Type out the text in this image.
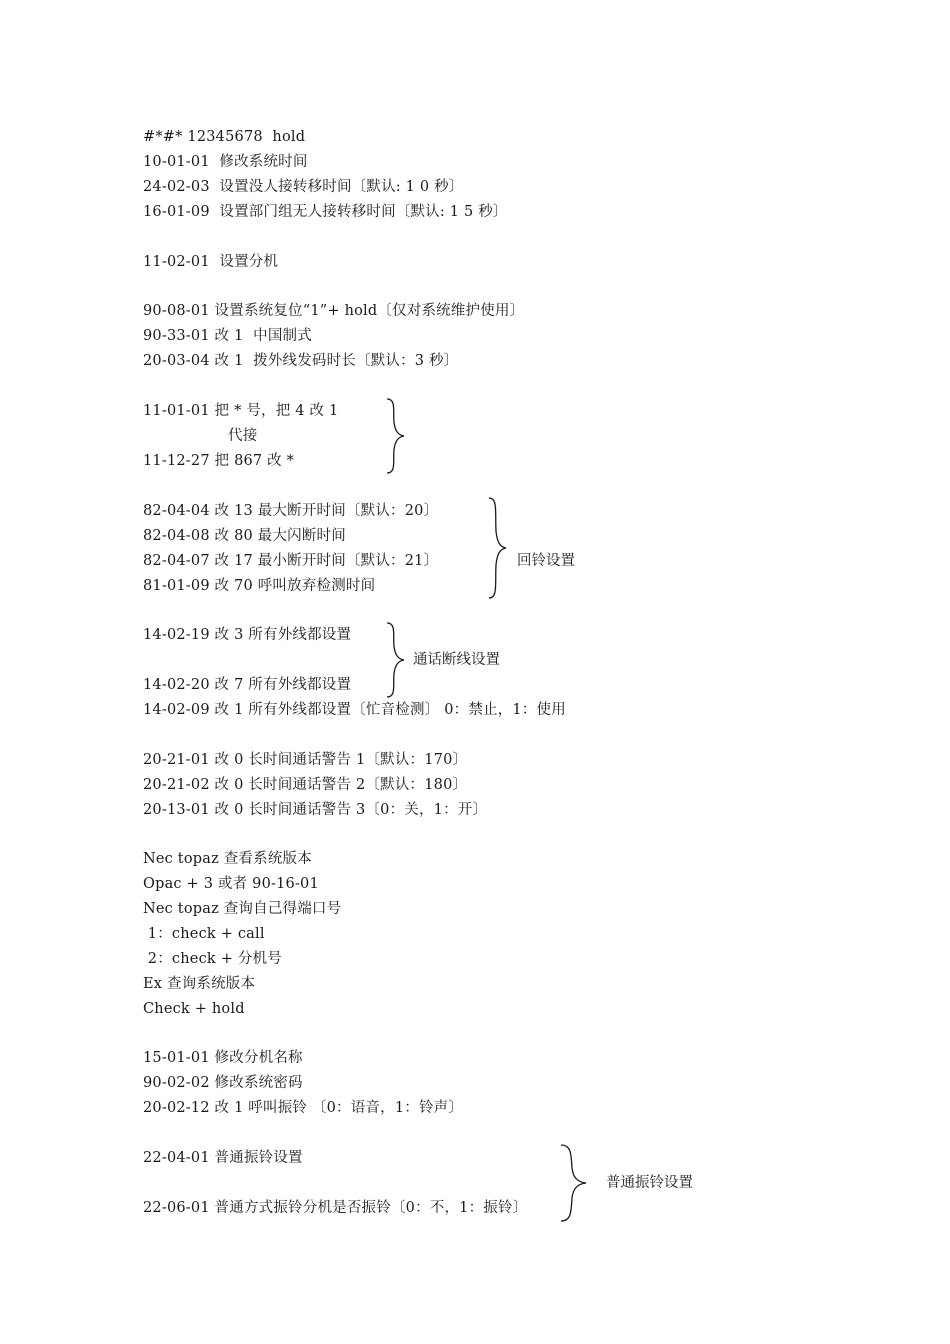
#*#* 12345678  hold
10-01-01  修改系统时间
24-02-03  设置没人接转移时间〔默认: 1 0 秒〕
16-01-09  设置部门组无人接转移时间〔默认: 1 5 秒〕
11-02-01  设置分机
90-08-01 设置系统复位“1”+ hold〔仅对系统维护使用〕
90-33-01 改 1  中国制式
20-03-04 改 1  拨外线发码时长〔默认：3 秒〕
11-01-01 把 * 号，把 4 改 1
代接
11-12-27 把 867 改 *
82-04-04 改 13 最大断开时间〔默认：20〕
82-04-08 改 80 最大闪断时间
82-04-07 改 17 最小断开时间〔默认：21〕
81-01-09 改 70 呼叫放弃检测时间
14-02-19 改 3 所有外线都设置
14-02-20 改 7 所有外线都设置
14-02-09 改 1 所有外线都设置〔忙音检测〕 0：禁止，1：使用
20-21-01 改 0 长时间通话警告 1〔默认：170〕
20-21-02 改 0 长时间通话警告 2〔默认：180〕
20-13-01 改 0 长时间通话警告 3〔0：关，1：开〕
Nec topaz 查看系统版本
Opac + 3 或者 90-16-01
Nec topaz 查询自己得端口号
1：check + call
2：check + 分机号
Ex 查询系统版本
Check + hold
15-01-01 修改分机名称
90-02-02 修改系统密码
20-02-12 改 1 呼叫振铃 〔0：语音，1：铃声〕
22-04-01 普通振铃设置
22-06-01 普通方式振铃分机是否振铃〔0：不，1：振铃〕
回铃设置
通话断线设置
普通振铃设置
